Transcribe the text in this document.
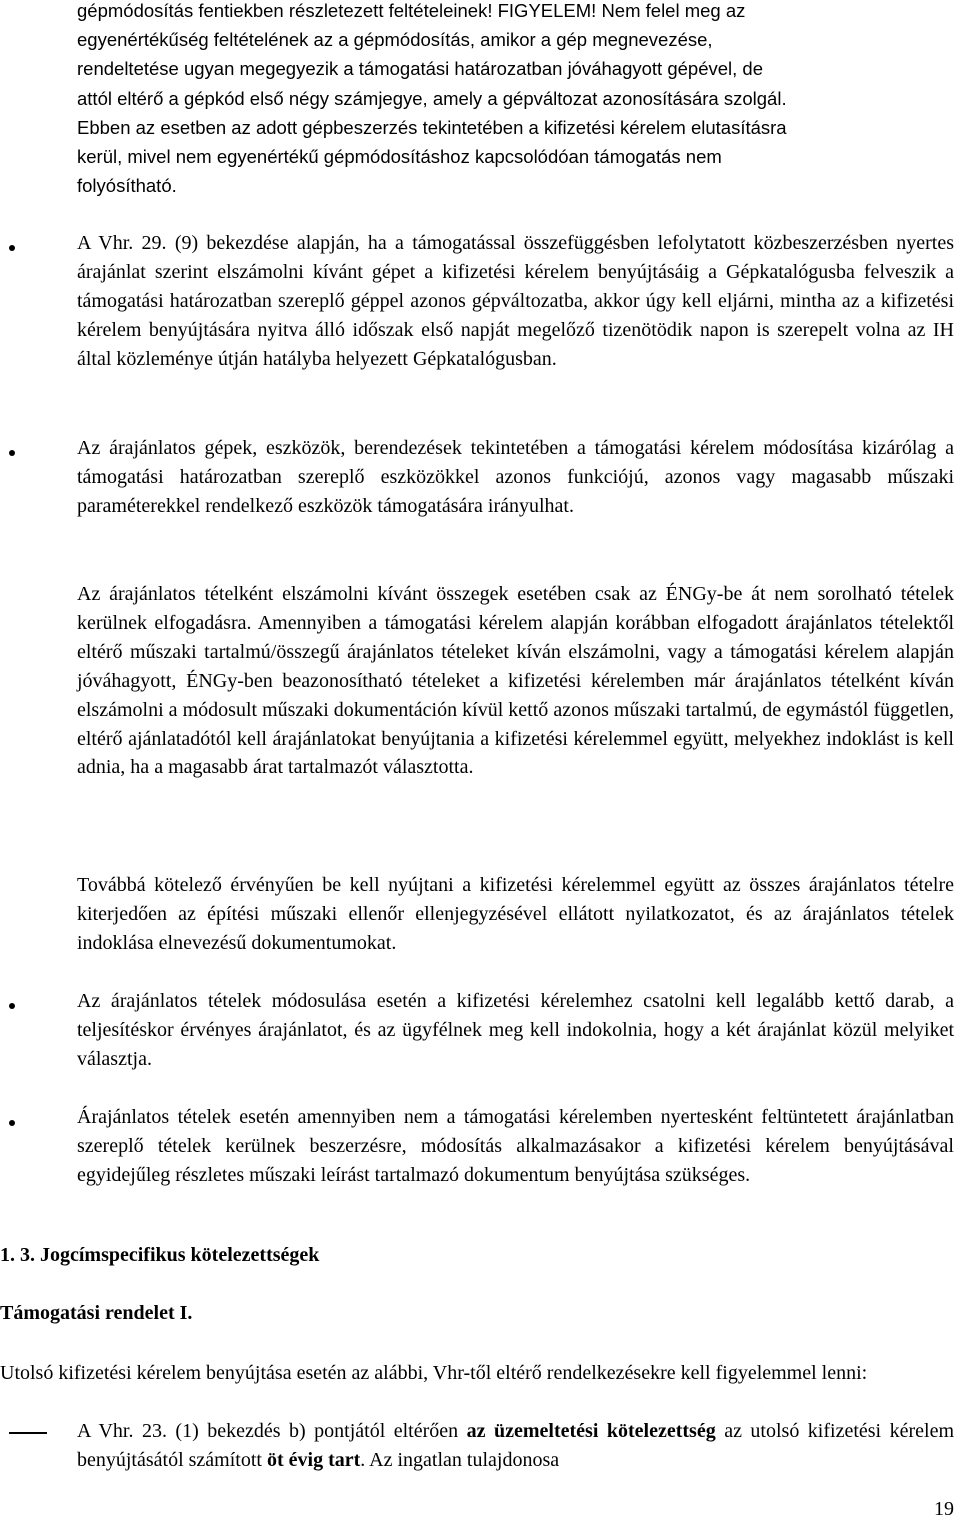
gépmódosítás fentiekben részletezett feltételeinek! FIGYELEM! Nem felel meg az
egyenértékűség feltételének az a gépmódosítás, amikor a gép megnevezése,
rendeltetése ugyan megegyezik a támogatási határozatban jóváhagyott gépével, de
attól eltérő a gépkód első négy számjegye, amely a gépváltozat azonosítására szolgál.
Ebben az esetben az adott gépbeszerzés tekintetében a kifizetési kérelem elutasításra
kerül, mivel nem egyenértékű gépmódosításhoz kapcsolódóan támogatás nem
folyósítható.
A Vhr. 29. (9) bekezdése alapján, ha a támogatással összefüggésben lefolytatott közbeszerzésben nyertes árajánlat szerint elszámolni kívánt gépet a kifizetési kérelem benyújtásáig a Gépkatalógusba felveszik a támogatási határozatban szereplő géppel azonos gépváltozatba, akkor úgy kell eljárni, mintha az a kifizetési kérelem benyújtására nyitva álló időszak első napját megelőző tizenötödik napon is szerepelt volna az IH által közleménye útján hatályba helyezett Gépkatalógusban.
Az árajánlatos gépek, eszközök, berendezések tekintetében a támogatási kérelem módosítása kizárólag a támogatási határozatban szereplő eszközökkel azonos funkciójú, azonos vagy magasabb műszaki paraméterekkel rendelkező eszközök támogatására irányulhat.
Az árajánlatos tételként elszámolni kívánt összegek esetében csak az ÉNGy-be át nem sorolható tételek kerülnek elfogadásra. Amennyiben a támogatási kérelem alapján korábban elfogadott árajánlatos tételektől eltérő műszaki tartalmú/összegű árajánlatos tételeket kíván elszámolni, vagy a támogatási kérelem alapján jóváhagyott, ÉNGy-ben beazonosítható tételeket a kifizetési kérelemben már árajánlatos tételként kíván elszámolni a módosult műszaki dokumentáción kívül kettő azonos műszaki tartalmú, de egymástól független, eltérő ajánlatadótól kell árajánlatokat benyújtania a kifizetési kérelemmel együtt, melyekhez indoklást is kell adnia, ha a magasabb árat tartalmazót választotta.
Továbbá kötelező érvényűen be kell nyújtani a kifizetési kérelemmel együtt az összes árajánlatos tételre kiterjedően az építési műszaki ellenőr ellenjegyzésével ellátott nyilatkozatot, és az árajánlatos tételek indoklása elnevezésű dokumentumokat.
Az árajánlatos tételek módosulása esetén a kifizetési kérelemhez csatolni kell legalább kettő darab, a teljesítéskor érvényes árajánlatot, és az ügyfélnek meg kell indokolnia, hogy a két árajánlat közül melyiket választja.
Árajánlatos tételek esetén amennyiben nem a támogatási kérelemben nyertesként feltüntetett árajánlatban szereplő tételek kerülnek beszerzésre, módosítás alkalmazásakor a kifizetési kérelem benyújtásával egyidejűleg részletes műszaki leírást tartalmazó dokumentum benyújtása szükséges.
1. 3. Jogcímspecifikus kötelezettségek
Támogatási rendelet I.
Utolsó kifizetési kérelem benyújtása esetén az alábbi, Vhr-től eltérő rendelkezésekre kell figyelemmel lenni:
A Vhr. 23. (1) bekezdés b) pontjától eltérően az üzemeltetési kötelezettség az utolsó kifizetési kérelem benyújtásától számított öt évig tart. Az ingatlan tulajdonosa
19
